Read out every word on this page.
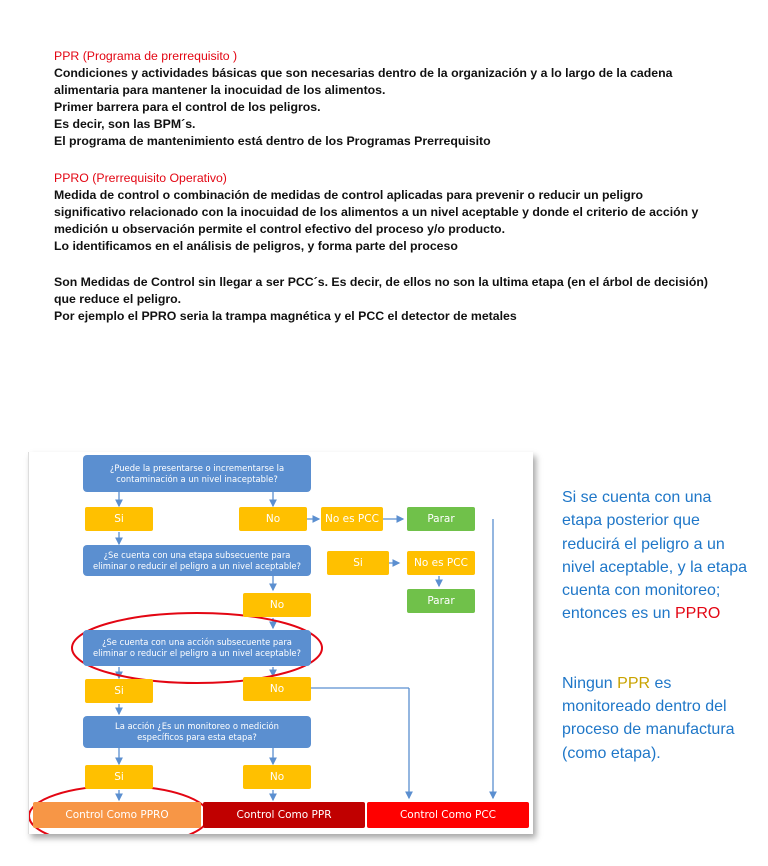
PPR (Programa de prerrequisito )

Condiciones y actividades básicas que son necesarias dentro de la organización y a lo largo de la cadena

alimentaria para mantener la inocuidad de los alimentos.

Primer barrera para el control de los peligros.

Es decir, son las BPM´s.

El programa de mantenimiento está dentro de los Programas Prerrequisito

PPRO (Prerrequisito Operativo)

Medida de control o combinación de medidas de control aplicadas para prevenir o reducir un peligro

significativo relacionado con la inocuidad de los alimentos a un nivel aceptable y donde el criterio de acción y

medición u observación permite el control efectivo del proceso y/o producto.

Lo identificamos en el análisis de peligros, y forma parte del proceso

Son Medidas de Control sin llegar a ser PCC´s. Es decir, de ellos no son la ultima etapa (en el árbol de decisión)

que reduce el peligro.

Por ejemplo el PPRO seria la trampa magnética y el PCC el detector de metales

¿Puede la presentarse o incrementarse la contaminación a un nivel inaceptable?
Si	No	No es PCC	Parar
¿Se cuenta con una etapa subsecuente para eliminar o reducir el peligro a un nivel aceptable?	Si	No es PCC
Parar
No
¿Se cuenta con una acción subsecuente para eliminar o reducir el peligro a un nivel aceptable?
Si	No
La acción ¿Es un monitoreo o medición específicos para esta etapa?
Si	No
Control Como PPRO	Control Como PPR	Control Como PCC

Si se cuenta con una etapa posterior que reducirá el peligro a un nivel aceptable, y la etapa cuenta con monitoreo; entonces es un PPRO

Ningun PPR es monitoreado dentro del proceso de manufactura (como etapa).
